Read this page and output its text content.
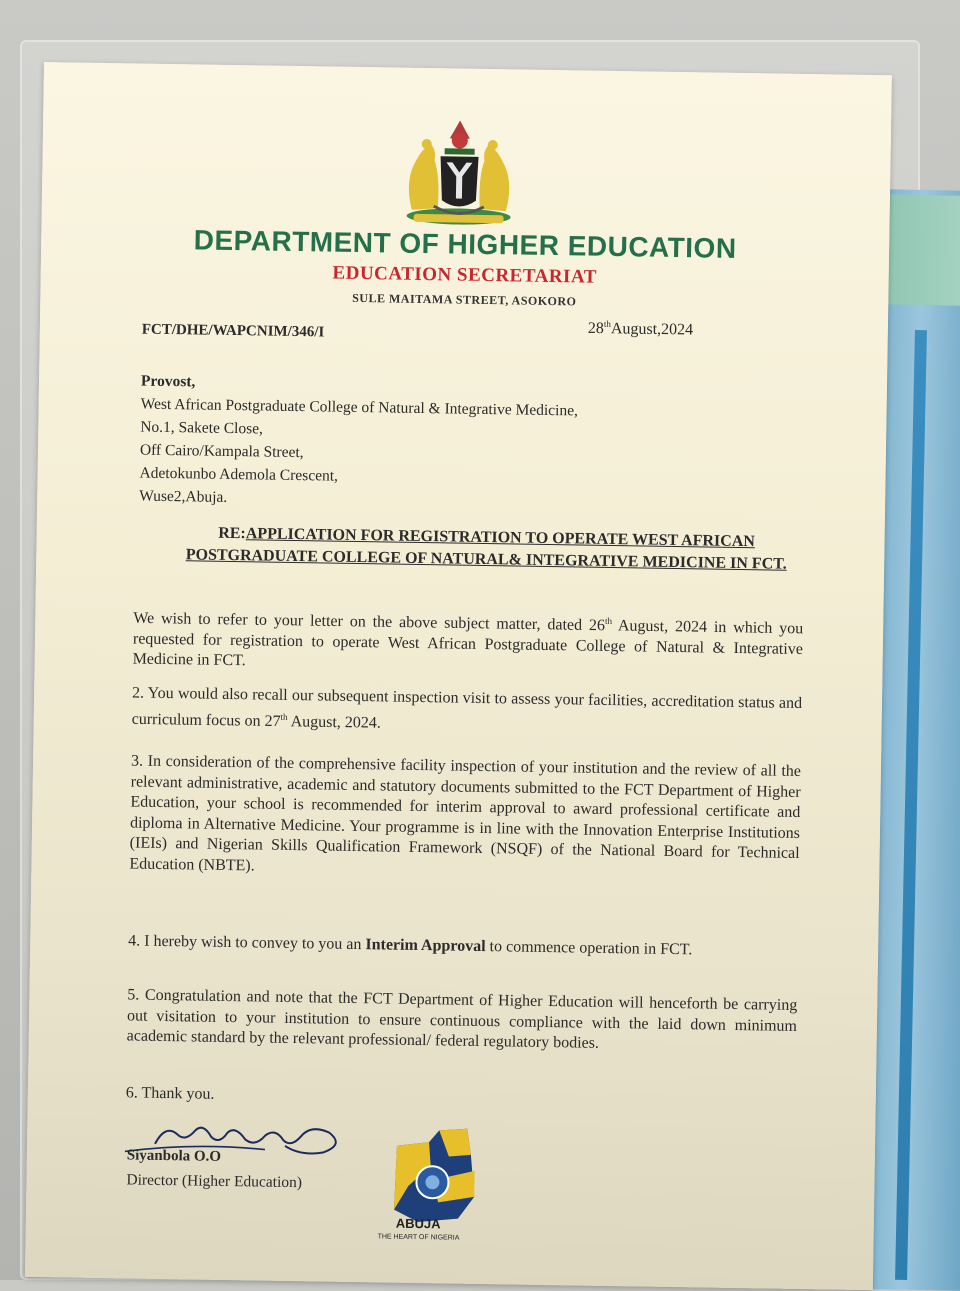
DEPARTMENT OF HIGHER EDUCATION
EDUCATION SECRETARIAT
SULE MAITAMA STREET, ASOKORO
FCT/DHE/WAPCNIM/346/I	28thAugust,2024
Provost,
West African Postgraduate College of Natural & Integrative Medicine,
No.1, Sakete Close,
Off Cairo/Kampala Street,
Adetokunbo Ademola Crescent,
Wuse2,Abuja.
RE:APPLICATION FOR REGISTRATION TO OPERATE WEST AFRICAN POSTGRADUATE COLLEGE OF NATURAL& INTEGRATIVE MEDICINE IN FCT.
We wish to refer to your letter on the above subject matter, dated 26th August, 2024 in which you requested for registration to operate West African Postgraduate College of Natural & Integrative Medicine in FCT.
2. You would also recall our subsequent inspection visit to assess your facilities, accreditation status and curriculum focus on 27th August, 2024.
3. In consideration of the comprehensive facility inspection of your institution and the review of all the relevant administrative, academic and statutory documents submitted to the FCT Department of Higher Education, your school is recommended for interim approval to award professional certificate and diploma in Alternative Medicine. Your programme is in line with the Innovation Enterprise Institutions (IEIs) and Nigerian Skills Qualification Framework (NSQF) of the National Board for Technical Education (NBTE).
4. I hereby wish to convey to you an Interim Approval to commence operation in FCT.
5. Congratulation and note that the FCT Department of Higher Education will henceforth be carrying out visitation to your institution to ensure continuous compliance with the laid down minimum academic standard by the relevant professional/ federal regulatory bodies.
6. Thank you.
Siyanbola O.O
Director (Higher Education)
ABUJA
THE HEART OF NIGERIA
